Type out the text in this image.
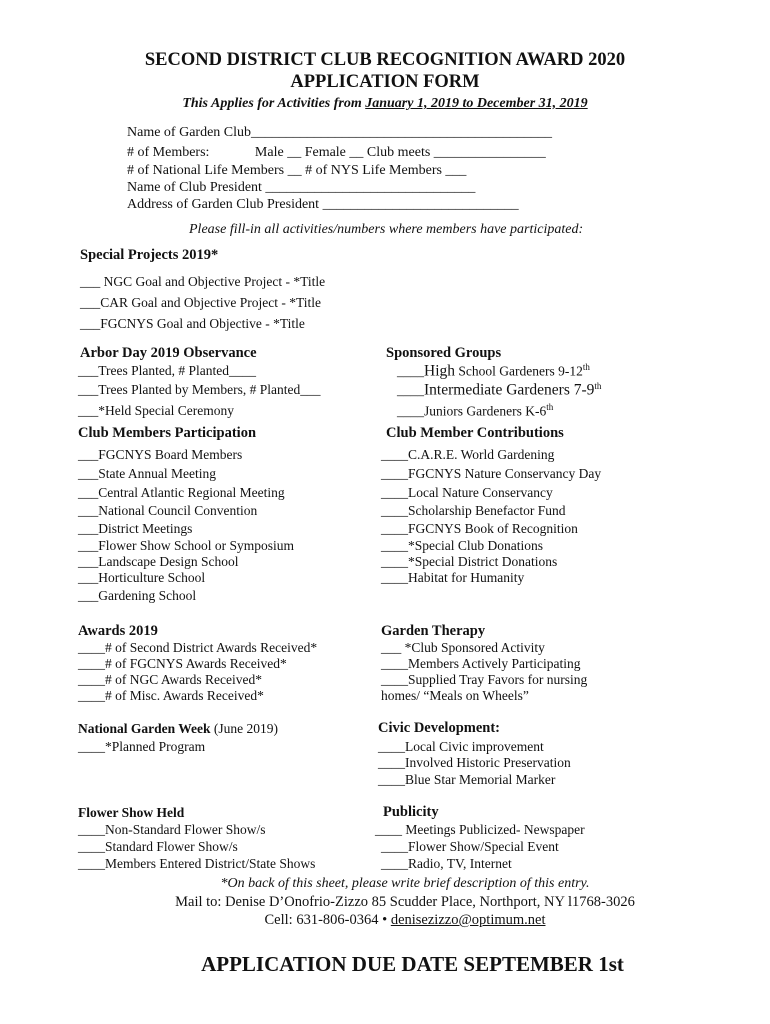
SECOND DISTRICT CLUB RECOGNITION AWARD 2020
APPLICATION FORM
This Applies for Activities from January 1, 2019 to December 31, 2019
Name of Garden Club___________________________________________
# of Members:             Male __ Female __ Club meets ________________
# of National Life Members __ # of NYS Life Members ___
Name of Club President ______________________________
Address of Garden Club President ____________________________
Please fill-in all activities/numbers where members have participated:
Special Projects 2019*
___ NGC Goal and Objective Project - *Title
___CAR Goal and Objective Project - *Title
___FGCNYS Goal and Objective - *Title
Arbor Day 2019 Observance
___Trees Planted, # Planted____
___Trees Planted by Members, # Planted___
___*Held Special Ceremony
Sponsored Groups
____High School Gardeners 9-12th
____Intermediate Gardeners 7-9th
____Juniors Gardeners K-6th
Club Members Participation
___FGCNYS Board Members
___State Annual Meeting
___Central Atlantic Regional Meeting
___National Council Convention
___District Meetings
___Flower Show School or Symposium
___Landscape Design School
___Horticulture School
___Gardening School
Club Member Contributions
____C.A.R.E. World Gardening
____FGCNYS Nature Conservancy Day
____Local Nature Conservancy
____Scholarship Benefactor Fund
____FGCNYS Book of Recognition
____*Special Club Donations
____*Special District Donations
____Habitat for Humanity
Awards 2019
____# of Second District Awards Received*
____# of FGCNYS Awards Received*
____# of NGC Awards Received*
____# of Misc. Awards Received*
Garden Therapy
___ *Club Sponsored Activity
____Members Actively Participating
____Supplied Tray Favors for nursing
homes/ “Meals on Wheels”
National Garden Week (June 2019)
____*Planned Program
Civic Development:
____Local Civic improvement
____Involved Historic Preservation
____Blue Star Memorial Marker
Flower Show Held
____Non-Standard Flower Show/s
____Standard Flower Show/s
____Members Entered District/State Shows
Publicity
____ Meetings Publicized- Newspaper
____Flower Show/Special Event
____Radio, TV, Internet
*On back of this sheet, please write brief description of this entry.
Mail to: Denise D’Onofrio-Zizzo 85 Scudder Place, Northport, NY l1768-3026
Cell: 631-806-0364 • denisezizzo@optimum.net
APPLICATION DUE DATE SEPTEMBER 1st
